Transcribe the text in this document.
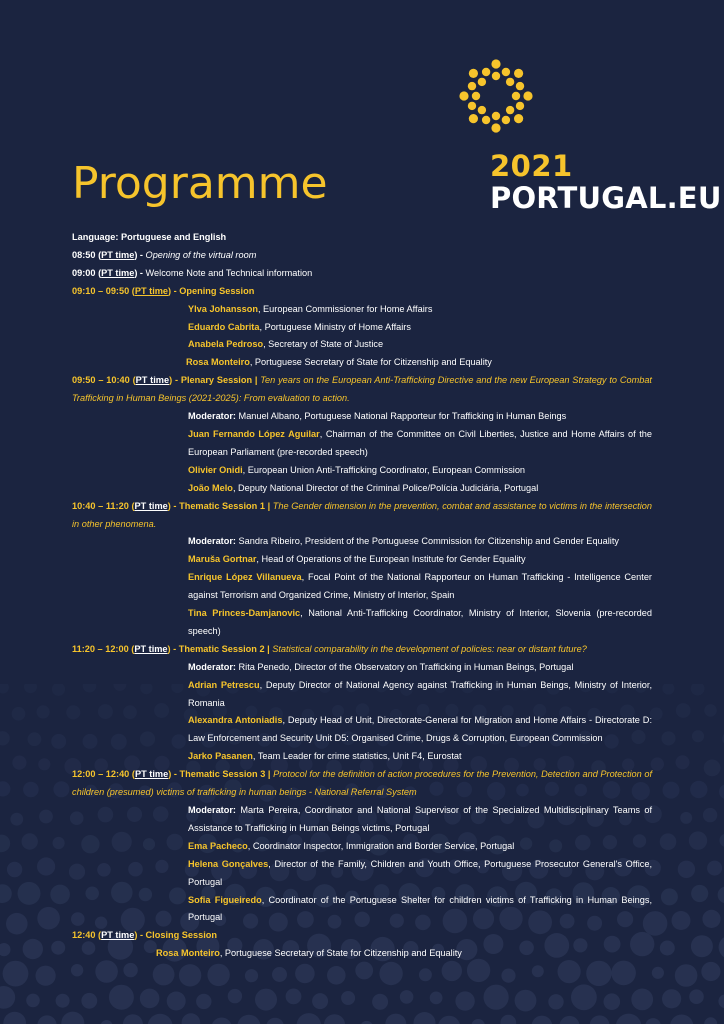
2021
PORTUGAL.EU
Programme
Language: Portuguese and English
08:50 (PT time) - Opening of the virtual room
09:00 (PT time) - Welcome Note and Technical information
09:10 – 09:50 (PT time) - Opening Session
Ylva Johansson, European Commissioner for Home Affairs
Eduardo Cabrita, Portuguese Ministry of Home Affairs
Anabela Pedroso, Secretary of State of Justice
Rosa Monteiro, Portuguese Secretary of State for Citizenship and Equality
09:50 – 10:40 (PT time) - Plenary Session | Ten years on the European Anti-Trafficking Directive and the new European Strategy to Combat Trafficking in Human Beings (2021-2025): From evaluation to action.
Moderator: Manuel Albano, Portuguese National Rapporteur for Trafficking in Human Beings
Juan Fernando López Aguilar, Chairman of the Committee on Civil Liberties, Justice and Home Affairs of the European Parliament (pre-recorded speech)
Olivier Onidi, European Union Anti-Trafficking Coordinator, European Commission
João Melo, Deputy National Director of the Criminal Police/Polícia Judiciária, Portugal
10:40 – 11:20 (PT time) - Thematic Session 1 | The Gender dimension in the prevention, combat and assistance to victims in the intersection in other phenomena.
Moderator: Sandra Ribeiro, President of the Portuguese Commission for Citizenship and Gender Equality
Maruša Gortnar, Head of Operations of the European Institute for Gender Equality
Enrique López Villanueva, Focal Point of the National Rapporteur on Human Trafficking - Intelligence Center against Terrorism and Organized Crime, Ministry of Interior, Spain
Tina Princes-Damjanovic, National Anti-Trafficking Coordinator, Ministry of Interior, Slovenia (pre-recorded speech)
11:20 – 12:00 (PT time) - Thematic Session 2 | Statistical comparability in the development of policies: near or distant future?
Moderator: Rita Penedo, Director of the Observatory on Trafficking in Human Beings, Portugal
Adrian Petrescu, Deputy Director of National Agency against Trafficking in Human Beings, Ministry of Interior, Romania
Alexandra Antoniadis, Deputy Head of Unit, Directorate-General for Migration and Home Affairs - Directorate D: Law Enforcement and Security Unit D5: Organised Crime, Drugs & Corruption, European Commission
Jarko Pasanen, Team Leader for crime statistics, Unit F4, Eurostat
12:00 – 12:40 (PT time) - Thematic Session 3 | Protocol for the definition of action procedures for the Prevention, Detection and Protection of children (presumed) victims of trafficking in human beings - National Referral System
Moderator: Marta Pereira, Coordinator and National Supervisor of the Specialized Multidisciplinary Teams of Assistance to Trafficking in Human Beings victims, Portugal
Ema Pacheco, Coordinator Inspector, Immigration and Border Service, Portugal
Helena Gonçalves, Director of the Family, Children and Youth Office, Portuguese Prosecutor General's Office, Portugal
Sofia Figueiredo, Coordinator of the Portuguese Shelter for children victims of Trafficking in Human Beings, Portugal
12:40 (PT time) - Closing Session
Rosa Monteiro, Portuguese Secretary of State for Citizenship and Equality
